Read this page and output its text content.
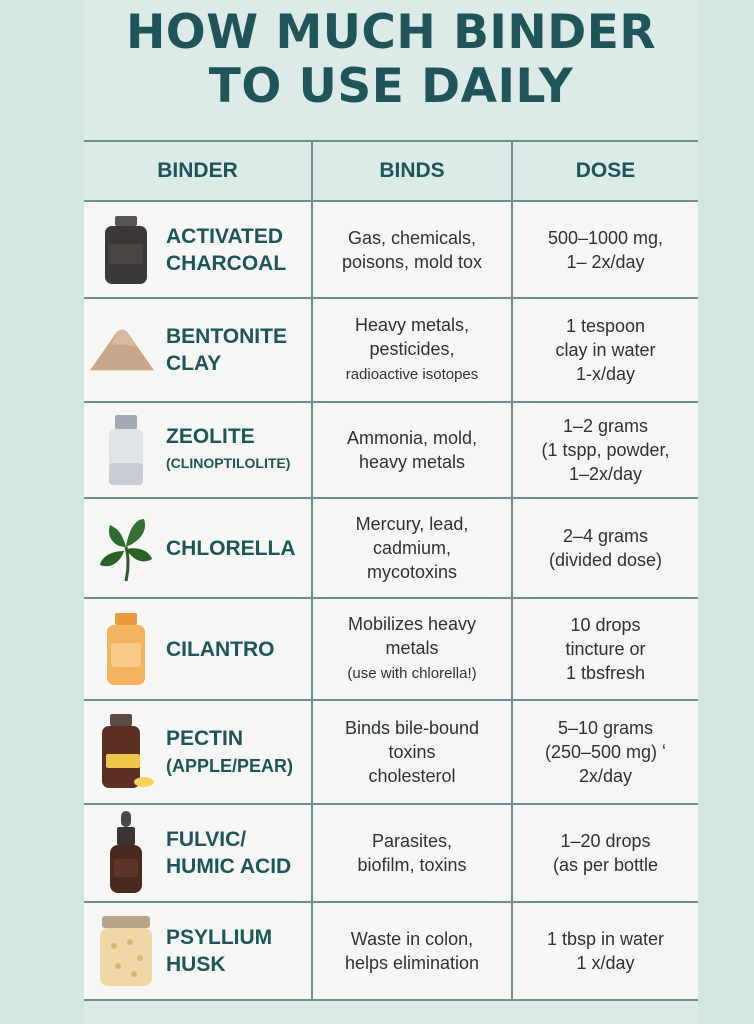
HOW MUCH BINDER
TO USE DAILY
BINDER	BINDS	DOSE
ACTIVATED
CHARCOAL
Gas, chemicals,
poisons, mold tox
500–1000 mg,
1– 2x/day
BENTONITE
CLAY
Heavy metals,
pesticides,
radioactive isotopes
1 tespoon
clay in water
1-x/day
ZEOLITE

(CLINOPTILOLITE)
Ammonia, mold,
heavy metals
1–2 grams
(1 tspp, powder,
1–2x/day
CHLORELLA
Mercury, lead,
cadmium,
mycotoxins
2–4 grams
(divided dose)
CILANTRO
Mobilizes heavy
metals
(use with chlorella!)
10 drops
tincture or
1 tbsfresh
PECTIN
(APPLE/PEAR)
Binds bile-bound
toxins
cholesterol
5–10 grams
(250–500 mg) ʻ
2x/day
FULVIC/
HUMIC ACID
Parasites,
biofilm, toxins
1–20 drops
(as per bottle
PSYLLIUM
HUSK
Waste in colon,
helps elimination
1 tbsp in water
1 x/day
